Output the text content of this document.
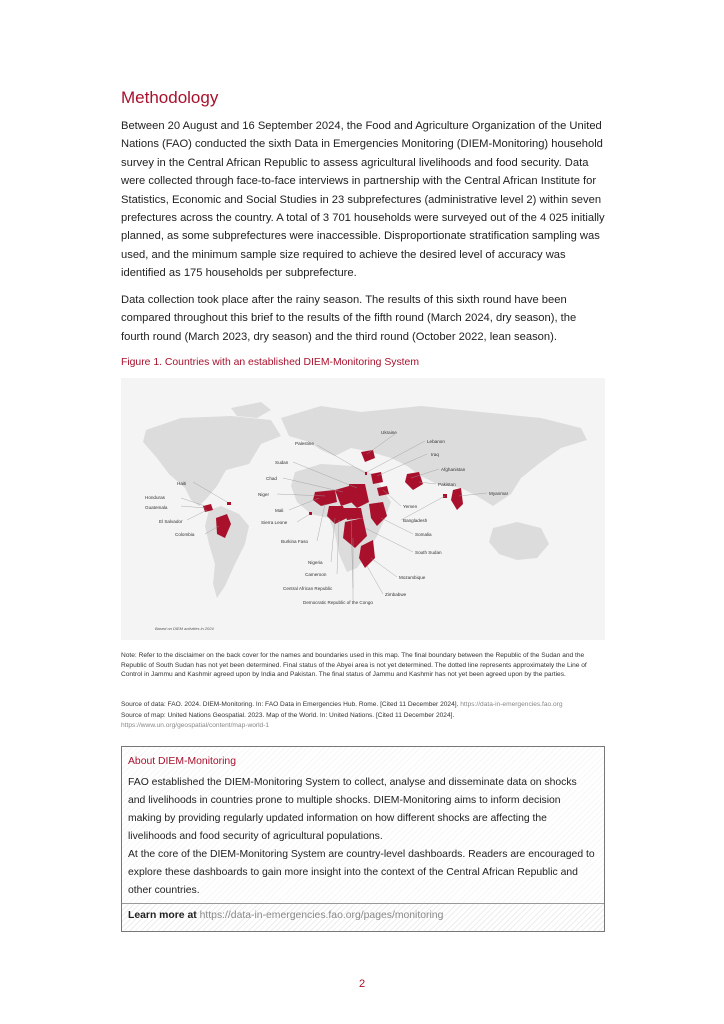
Methodology

Between 20 August and 16 September 2024, the Food and Agriculture Organization of the United Nations (FAO) conducted the sixth Data in Emergencies Monitoring (DIEM-Monitoring) household survey in the Central African Republic to assess agricultural livelihoods and food security. Data were collected through face-to-face interviews in partnership with the Central African Institute for Statistics, Economic and Social Studies in 23 subprefectures (administrative level 2) within seven prefectures across the country. A total of 3 701 households were surveyed out of the 4 025 initially planned, as some subprefectures were inaccessible. Disproportionate stratification sampling was used, and the minimum sample size required to achieve the desired level of accuracy was identified as 175 households per subprefecture.

Data collection took place after the rainy season. The results of this sixth round have been compared throughout this brief to the results of the fifth round (March 2024, dry season), the fourth round (March 2023, dry season) and the third round (October 2022, lean season).

Figure 1. Countries with an established DIEM-Monitoring System
Haiti
Honduras
Guatemala
El Salvador
Colombia
Palestine
Sudan
Chad
Niger
Mali
Sierra Leone
Burkina Faso
Nigeria
Cameroon
Central African Republic
Democratic Republic of the Congo
Ukraine
Lebanon
Iraq
Afghanistan
Pakistan
Myanmar
Yemen
Bangladesh
Somalia
South Sudan
Mozambique
Zimbabwe
Based on DIEM activities in 2024

Note: Refer to the disclaimer on the back cover for the names and boundaries used in this map. The final boundary between the Republic of the Sudan and the Republic of South Sudan has not yet been determined. Final status of the Abyei area is not yet determined. The dotted line represents approximately the Line of Control in Jammu and Kashmir agreed upon by India and Pakistan. The final status of Jammu and Kashmir has not yet been agreed upon by the parties.

Source of data: FAO. 2024. DIEM-Monitoring. In: FAO Data in Emergencies Hub. Rome. [Cited 11 December 2024]. https://data-in-emergencies.fao.org

Source of map: United Nations Geospatial. 2023. Map of the World. In: United Nations. [Cited 11 December 2024].

https://www.un.org/geospatial/content/map-world-1

About DIEM-Monitoring

FAO established the DIEM-Monitoring System to collect, analyse and disseminate data on shocks and livelihoods in countries prone to multiple shocks. DIEM-Monitoring aims to inform decision making by providing regularly updated information on how different shocks are affecting the livelihoods and food security of agricultural populations.

At the core of the DIEM-Monitoring System are country-level dashboards. Readers are encouraged to explore these dashboards to gain more insight into the context of the Central African Republic and other countries.

Learn more at https://data-in-emergencies.fao.org/pages/monitoring
2
